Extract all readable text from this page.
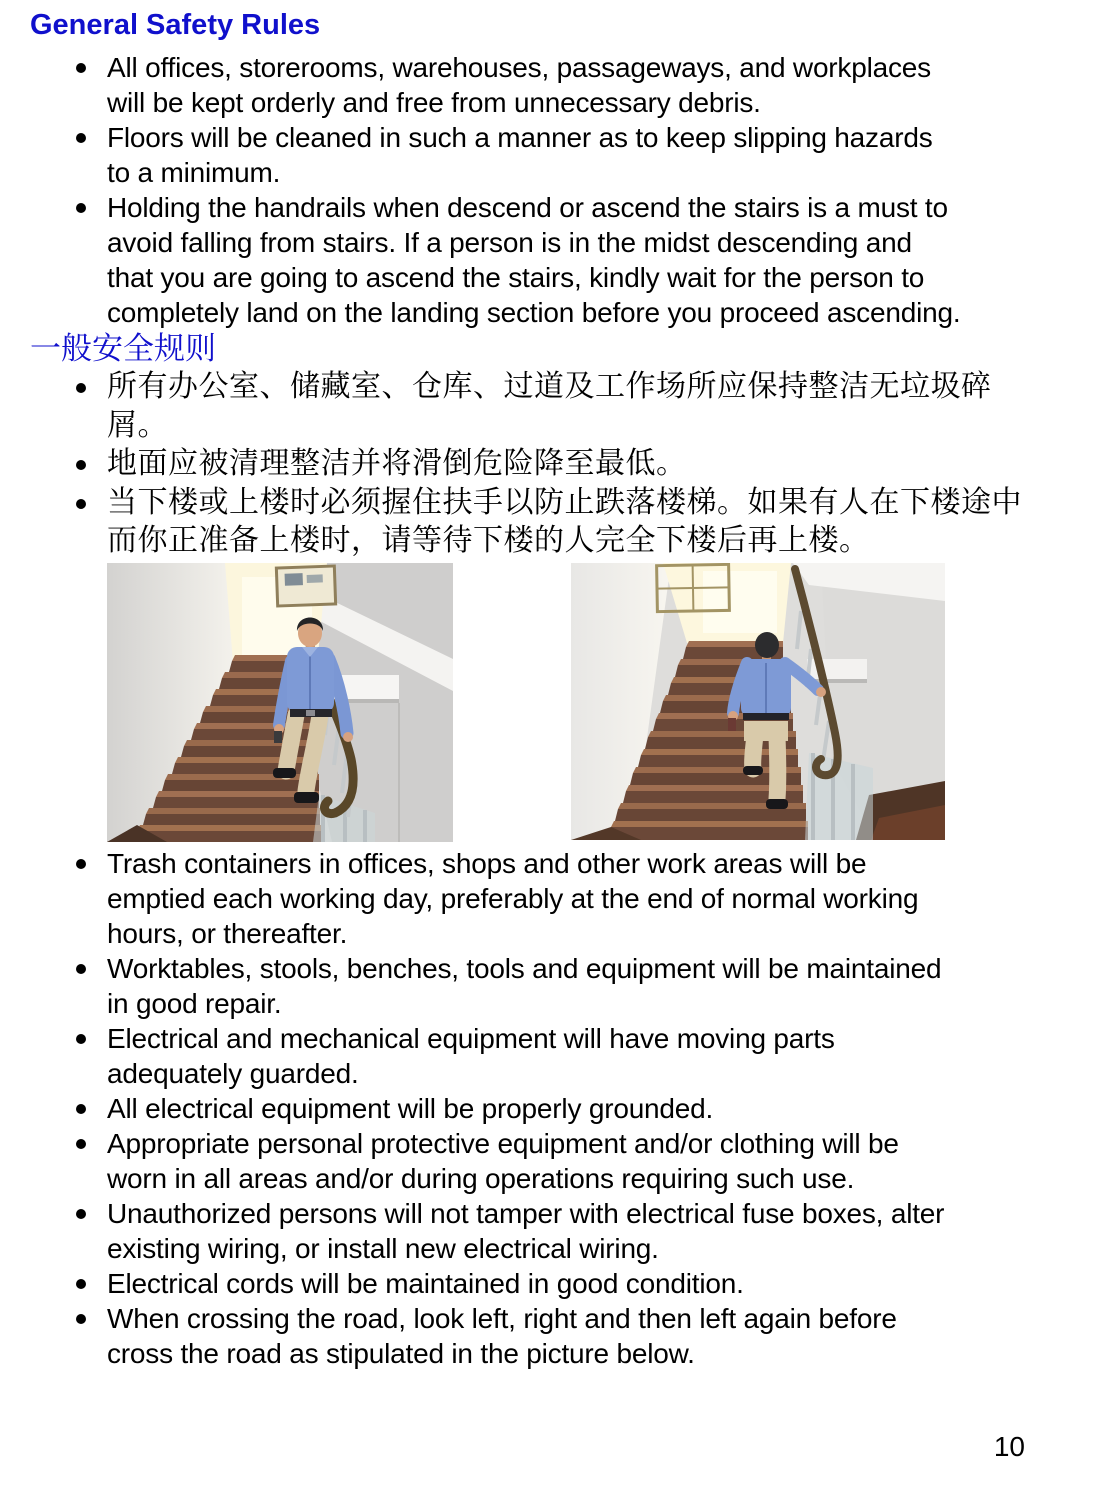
General Safety Rules
All offices, storerooms, warehouses, passageways, and workplaces
will be kept orderly and free from unnecessary debris.
Floors will be cleaned in such a manner as to keep slipping hazards
to a minimum.
Holding the handrails when descend or ascend the stairs is a must to
avoid falling from stairs. If a person is in the midst descending and
that you are going to ascend the stairs, kindly wait for the person to
completely land on the landing section before you proceed ascending.
一般安全规则
所有办公室、储藏室、仓库、过道及工作场所应保持整洁无垃圾碎
屑。
地面应被清理整洁并将滑倒危险降至最低。
当下楼或上楼时必须握住扶手以防止跌落楼梯。如果有人在下楼途中
而你正准备上楼时，请等待下楼的人完全下楼后再上楼。
Trash containers in offices, shops and other work areas will be
emptied each working day, preferably at the end of normal working
hours, or thereafter.
Worktables, stools, benches, tools and equipment will be maintained
in good repair.
Electrical and mechanical equipment will have moving parts
adequately guarded.
All electrical equipment will be properly grounded.
Appropriate personal protective equipment and/or clothing will be
worn in all areas and/or during operations requiring such use.
Unauthorized persons will not tamper with electrical fuse boxes, alter
existing wiring, or install new electrical wiring.
Electrical cords will be maintained in good condition.
When crossing the road, look left, right and then left again before
cross the road as stipulated in the picture below.
10
